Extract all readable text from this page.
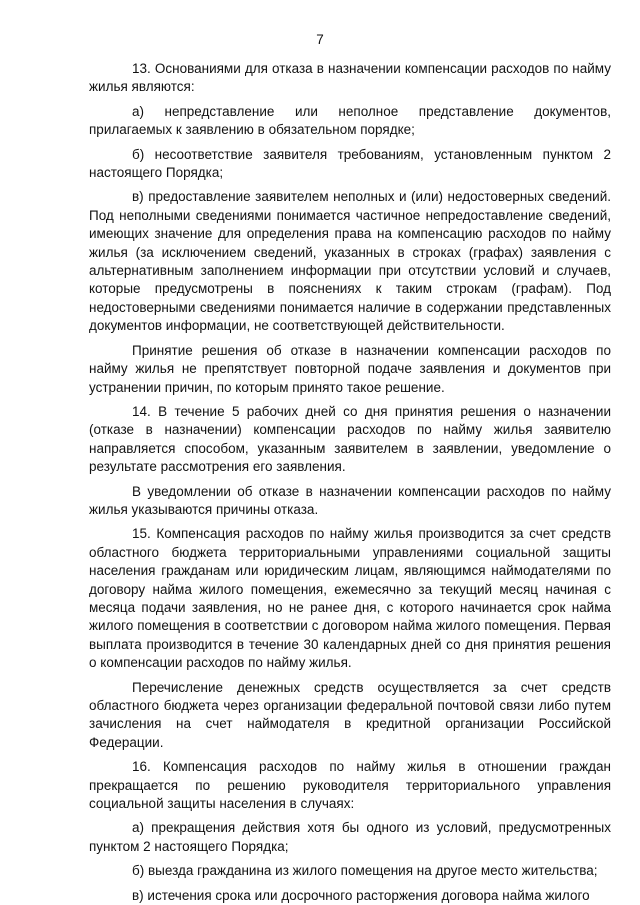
7

13. Основаниями для отказа в назначении компенсации расходов по найму жилья являются:

а) непредставление или неполное представление документов, прилагаемых к заявлению в обязательном порядке;

б) несоответствие заявителя требованиям, установленным пунктом 2 настоящего Порядка;

в) предоставление заявителем неполных и (или) недостоверных сведений. Под неполными сведениями понимается частичное непредоставление сведений, имеющих значение для определения права на компенсацию расходов по найму жилья (за исключением сведений, указанных в строках (графах) заявления с альтернативным заполнением информации при отсутствии условий и случаев, которые предусмотрены в пояснениях к таким строкам (графам). Под недостоверными сведениями понимается наличие в содержании представленных документов информации, не соответствующей действительности.

Принятие решения об отказе в назначении компенсации расходов по найму жилья не препятствует повторной подаче заявления и документов при устранении причин, по которым принято такое решение.

14. В течение 5 рабочих дней со дня принятия решения о назначении (отказе в назначении) компенсации расходов по найму жилья заявителю направляется способом, указанным заявителем в заявлении, уведомление о результате рассмотрения его заявления.

В уведомлении об отказе в назначении компенсации расходов по найму жилья указываются причины отказа.

15. Компенсация расходов по найму жилья производится за счет средств областного бюджета территориальными управлениями социальной защиты населения гражданам или юридическим лицам, являющимся наймодателями по договору найма жилого помещения, ежемесячно за текущий месяц начиная с месяца подачи заявления, но не ранее дня, с которого начинается срок найма жилого помещения в соответствии с договором найма жилого помещения. Первая выплата производится в течение 30 календарных дней со дня принятия решения о компенсации расходов по найму жилья.

Перечисление денежных средств осуществляется за счет средств областного бюджета через организации федеральной почтовой связи либо путем зачисления на счет наймодателя в кредитной организации Российской Федерации.

16. Компенсация расходов по найму жилья в отношении граждан прекращается по решению руководителя территориального управления социальной защиты населения в случаях:

а) прекращения действия хотя бы одного из условий, предусмотренных пунктом 2 настоящего Порядка;

б) выезда гражданина из жилого помещения на другое место жительства;

в) истечения срока или досрочного расторжения договора найма жилого
